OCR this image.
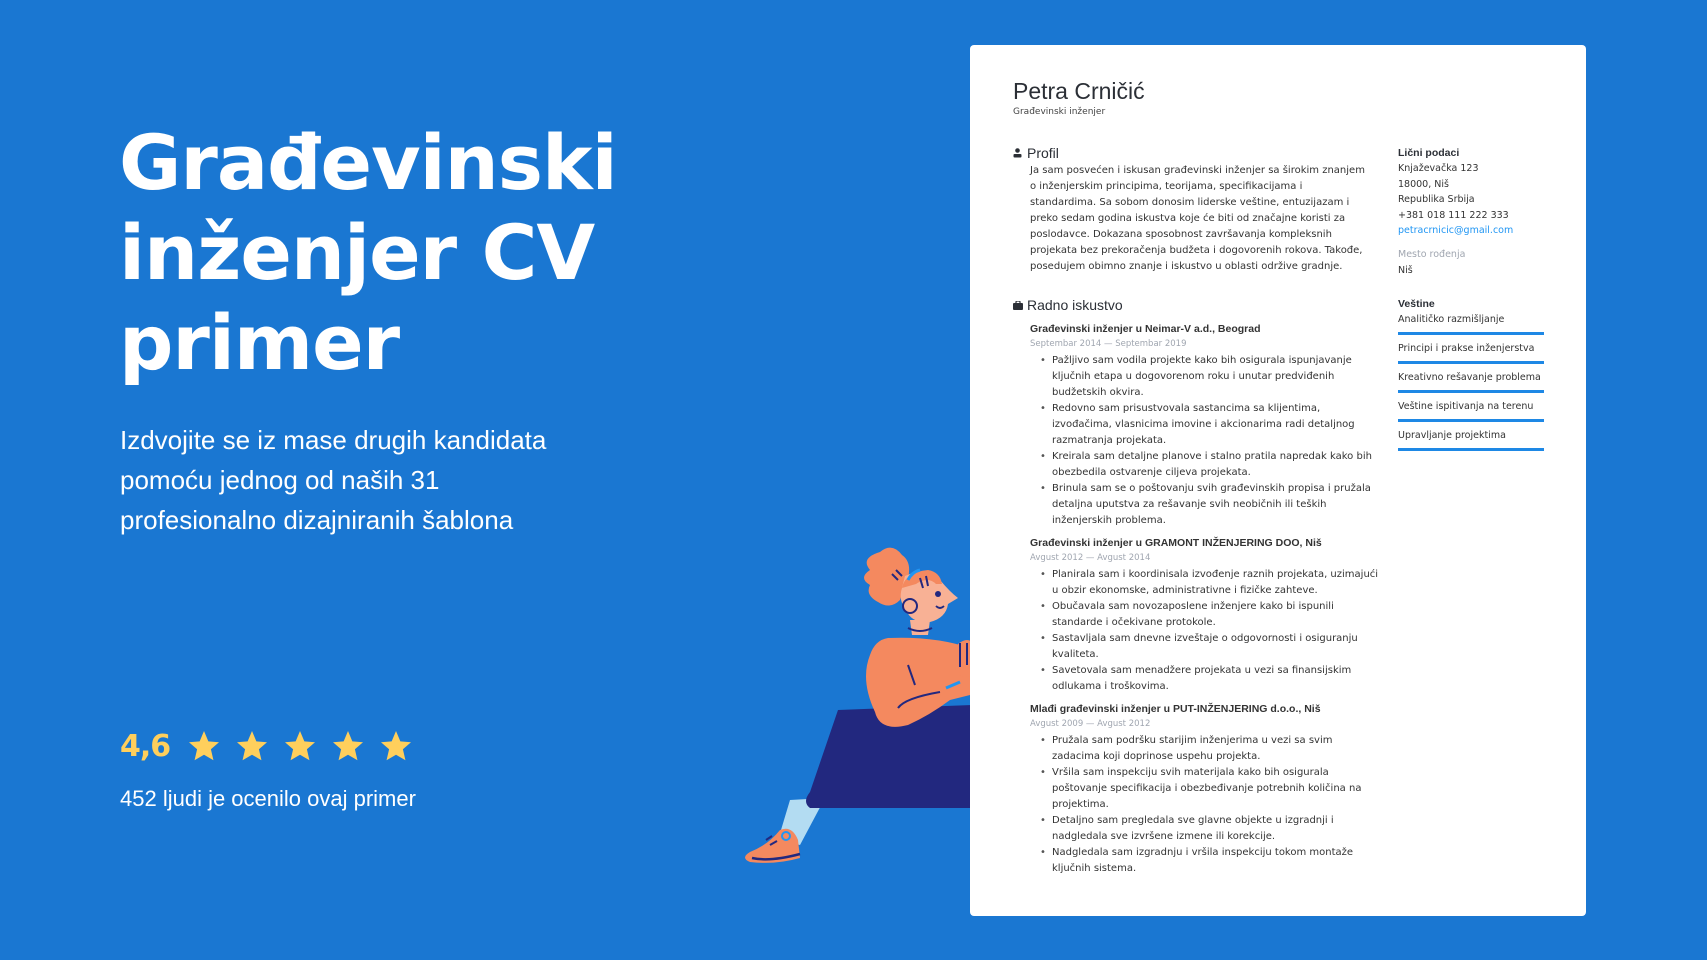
Građevinski inženjer CV primer

Izdvojite se iz mase drugih kandidata pomoću jednog od naših 31 profesionalno dizajniranih šablona

4,6
452 ljudi je ocenilo ovaj primer
Petra Crničić
Građevinski inženjer
Profil

Ja sam posvećen i iskusan građevinski inženjer sa širokim znanjem o inženjerskim principima, teorijama, specifikacijama i standardima. Sa sobom donosim liderske veštine, entuzijazam i preko sedam godina iskustva koje će biti od značajne koristi za poslodavce. Dokazana sposobnost završavanja kompleksnih projekata bez prekoračenja budžeta i dogovorenih rokova. Takođe, posedujem obimno znanje i iskustvo u oblasti održive gradnje.

Radno iskustvo
Građevinski inženjer u Neimar-V a.d., Beograd
Septembar 2014 — Septembar 2019
• Pažljivo sam vodila projekte kako bih osigurala ispunjavanje ključnih etapa u dogovorenom roku i unutar predviđenih budžetskih okvira.
• Redovno sam prisustvovala sastancima sa klijentima, izvođačima, vlasnicima imovine i akcionarima radi detaljnog razmatranja projekata.
• Kreirala sam detaljne planove i stalno pratila napredak kako bih obezbedila ostvarenje ciljeva projekata.
• Brinula sam se o poštovanju svih građevinskih propisa i pružala detaljna uputstva za rešavanje svih neobičnih ili teških inženjerskih problema.
Građevinski inženjer u GRAMONT INŽENJERING DOO, Niš
Avgust 2012 — Avgust 2014
• Planirala sam i koordinisala izvođenje raznih projekata, uzimajući u obzir ekonomske, administrativne i fizičke zahteve.
• Obučavala sam novozaposlene inženjere kako bi ispunili standarde i očekivane protokole.
• Sastavljala sam dnevne izveštaje o odgovornosti i osiguranju kvaliteta.
• Savetovala sam menadžere projekata u vezi sa finansijskim odlukama i troškovima.
Mlađi građevinski inženjer u PUT-INŽENJERING d.o.o., Niš
Avgust 2009 — Avgust 2012
• Pružala sam podršku starijim inženjerima u vezi sa svim zadacima koji doprinose uspehu projekta.
• Vršila sam inspekciju svih materijala kako bih osigurala poštovanje specifikacija i obezbeđivanje potrebnih količina na projektima.
• Detaljno sam pregledala sve glavne objekte u izgradnji i nadgledala sve izvršene izmene ili korekcije.
• Nadgledala sam izgradnju i vršila inspekciju tokom montaže ključnih sistema.
Lični podaci
Knjaževačka 123
18000, Niš
Republika Srbija
+381 018 111 222 333
petracrnicic@gmail.com
Mesto rođenja
Niš
Veštine
Analitičko razmišljanje
Principi i prakse inženjerstva
Kreativno rešavanje problema
Veštine ispitivanja na terenu
Upravljanje projektima
